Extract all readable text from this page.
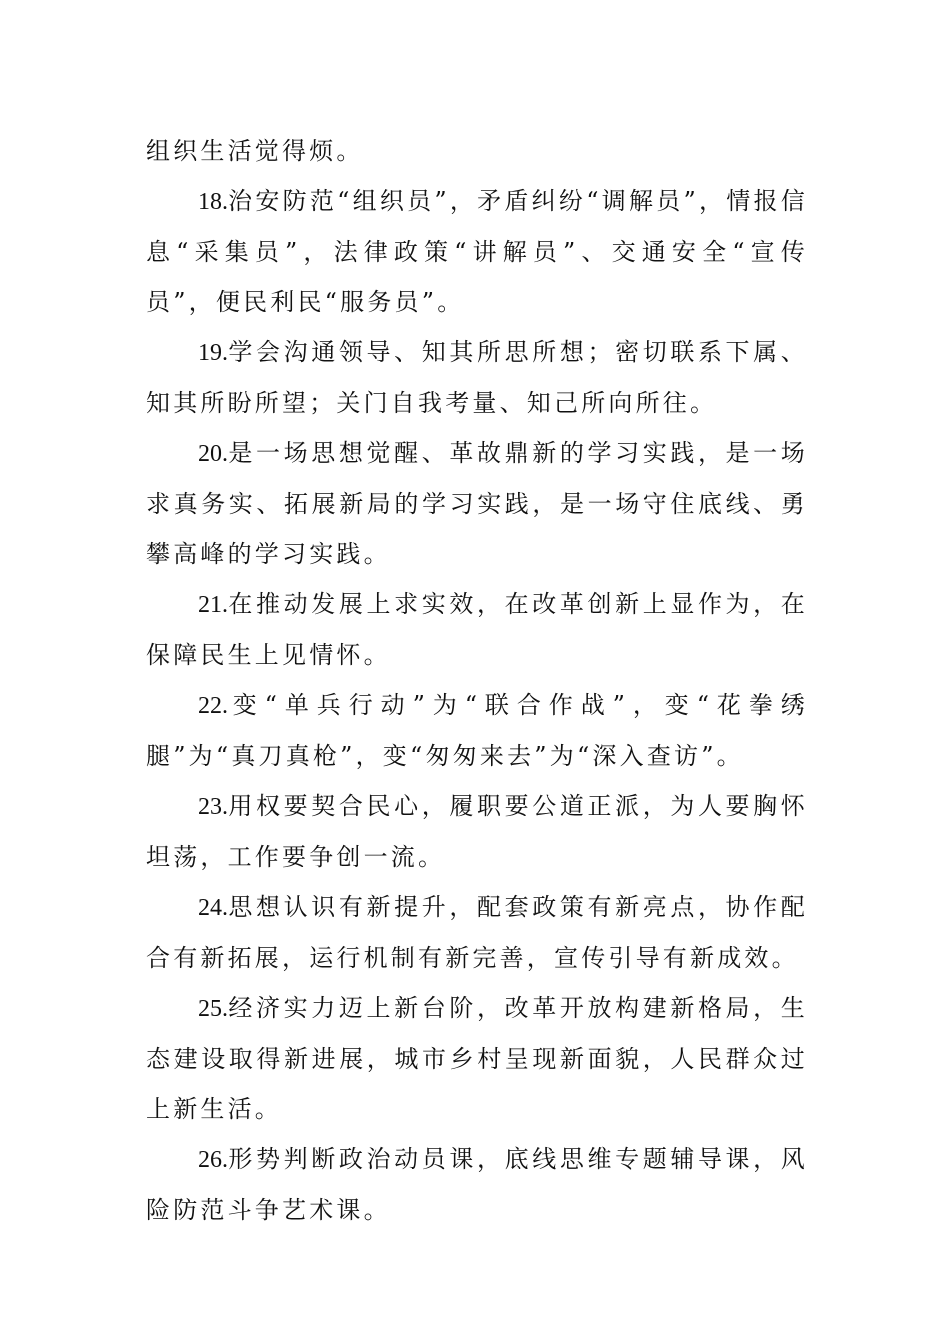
组织生活觉得烦。

18.治安防范“组织员”，矛盾纠纷“调解员”，情报信息“采集员”，法律政策“讲解员”、交通安全“宣传员”，便民利民“服务员”。

19.学会沟通领导、知其所思所想；密切联系下属、知其所盼所望；关门自我考量、知己所向所往。

20.是一场思想觉醒、革故鼎新的学习实践，是一场求真务实、拓展新局的学习实践，是一场守住底线、勇攀高峰的学习实践。

21.在推动发展上求实效，在改革创新上显作为，在保障民生上见情怀。

22.变“单兵行动”为“联合作战”，变“花拳绣腿”为“真刀真枪”，变“匆匆来去”为“深入查访”。

23.用权要契合民心，履职要公道正派，为人要胸怀坦荡，工作要争创一流。

24.思想认识有新提升，配套政策有新亮点，协作配合有新拓展，运行机制有新完善，宣传引导有新成效。

25.经济实力迈上新台阶，改革开放构建新格局，生态建设取得新进展，城市乡村呈现新面貌，人民群众过上新生活。

26.形势判断政治动员课，底线思维专题辅导课，风险防范斗争艺术课。
